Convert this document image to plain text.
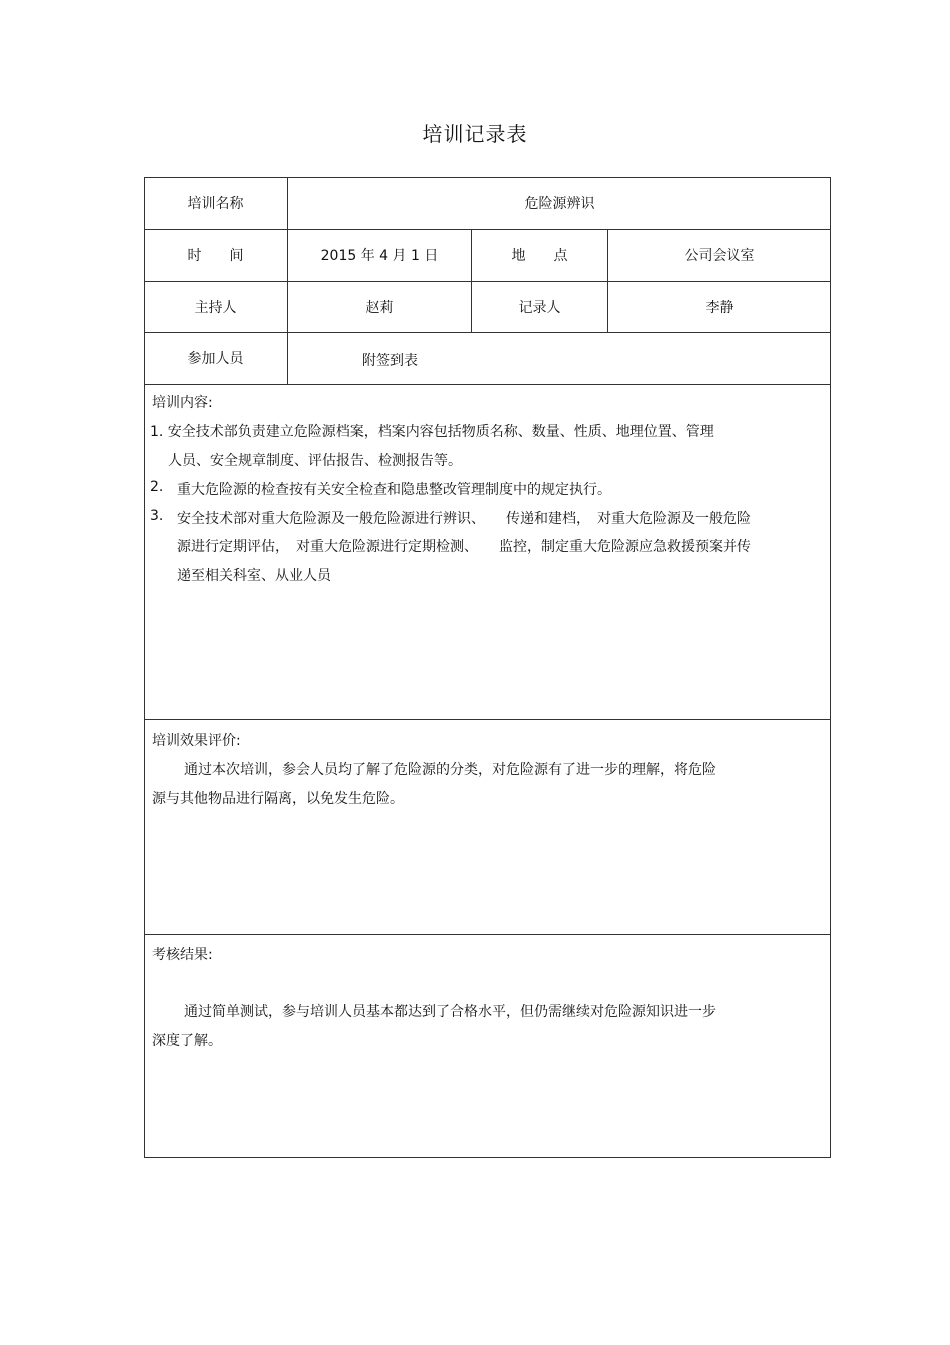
培训记录表
培训名称	危险源辨识
时　　间	2015 年 4 月 1 日	地　　点	公司会议室
主持人	赵莉	记录人	李静
参加人员	附签到表
培训内容:
1. 安全技术部负责建立危险源档案，档案内容包括物质名称、数量、性质、地理位置、管理
人员、安全规章制度、评估报告、检测报告等。
2. 重大危险源的检查按有关安全检查和隐患整改管理制度中的规定执行。
3. 安全技术部对重大危险源及一般危险源进行辨识、　　传递和建档，　对重大危险源及一般危险
源进行定期评估，　对重大危险源进行定期检测、　　监控，制定重大危险源应急救援预案并传
递至相关科室、从业人员
培训效果评价:
通过本次培训，参会人员均了解了危险源的分类，对危险源有了进一步的理解，将危险
源与其他物品进行隔离，以免发生危险。
考核结果:
通过简单测试，参与培训人员基本都达到了合格水平，但仍需继续对危险源知识进一步
深度了解。
